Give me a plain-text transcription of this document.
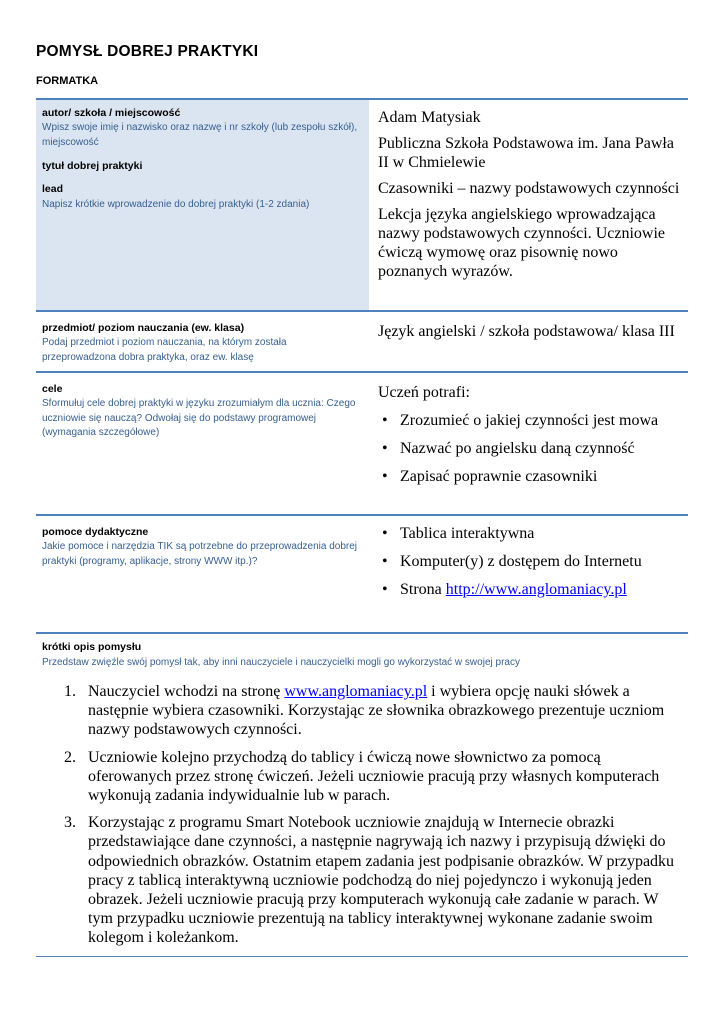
POMYSŁ DOBREJ PRAKTYKI
FORMATKA
autor/ szkoła / miejscowość
Wpisz swoje imię i nazwisko oraz nazwę i nr szkoły (lub zespołu szkół), miejscowość
tytuł dobrej praktyki
lead
Napisz krótkie wprowadzenie do dobrej praktyki (1-2 zdania)

Adam Matysiak

Publiczna Szkoła Podstawowa im. Jana Pawła II w Chmielewie

Czasowniki – nazwy podstawowych czynności

Lekcja języka angielskiego wprowadzająca nazwy podstawowych czynności. Uczniowie ćwiczą wymowę oraz pisownię nowo poznanych wyrazów.

przedmiot/ poziom nauczania (ew. klasa)
Podaj przedmiot i poziom nauczania, na którym została przeprowadzona dobra praktyka, oraz ew. klasę
Język angielski / szkoła podstawowa/ klasa III
cele
Sformułuj cele dobrej praktyki w języku zrozumiałym dla ucznia: Czego uczniowie się nauczą? Odwołaj się do podstawy programowej (wymagania szczegółowe)

Uczeń potrafi:

• Zrozumieć o jakiej czynności jest mowa
• Nazwać po angielsku daną czynność
• Zapisać poprawnie czasowniki
pomoce dydaktyczne
Jakie pomoce i narzędzia TIK są potrzebne do przeprowadzenia dobrej praktyki (programy, aplikacje, strony WWW itp.)?
• Tablica interaktywna
• Komputer(y) z dostępem do Internetu
• Strona http://www.anglomaniacy.pl
krótki opis pomysłu
Przedstaw zwięźle swój pomysł tak, aby inni nauczyciele i nauczycielki mogli go wykorzystać w swojej pracy
1. Nauczyciel wchodzi na stronę www.anglomaniacy.pl i wybiera opcję nauki słówek a następnie wybiera czasowniki. Korzystając ze słownika obrazkowego prezentuje uczniom nazwy podstawowych czynności.
2. Uczniowie kolejno przychodzą do tablicy i ćwiczą nowe słownictwo za pomocą oferowanych przez stronę ćwiczeń. Jeżeli uczniowie pracują przy własnych komputerach wykonują zadania indywidualnie lub w parach.
3. Korzystając z programu Smart Notebook uczniowie znajdują w Internecie obrazki przedstawiające dane czynności, a następnie nagrywają ich nazwy i przypisują dźwięki do odpowiednich obrazków. Ostatnim etapem zadania jest podpisanie obrazków. W przypadku pracy z tablicą interaktywną uczniowie podchodzą do niej pojedynczo i wykonują jeden obrazek. Jeżeli uczniowie pracują przy komputerach wykonują całe zadanie w parach. W tym przypadku uczniowie prezentują na tablicy interaktywnej wykonane zadanie swoim kolegom i koleżankom.
